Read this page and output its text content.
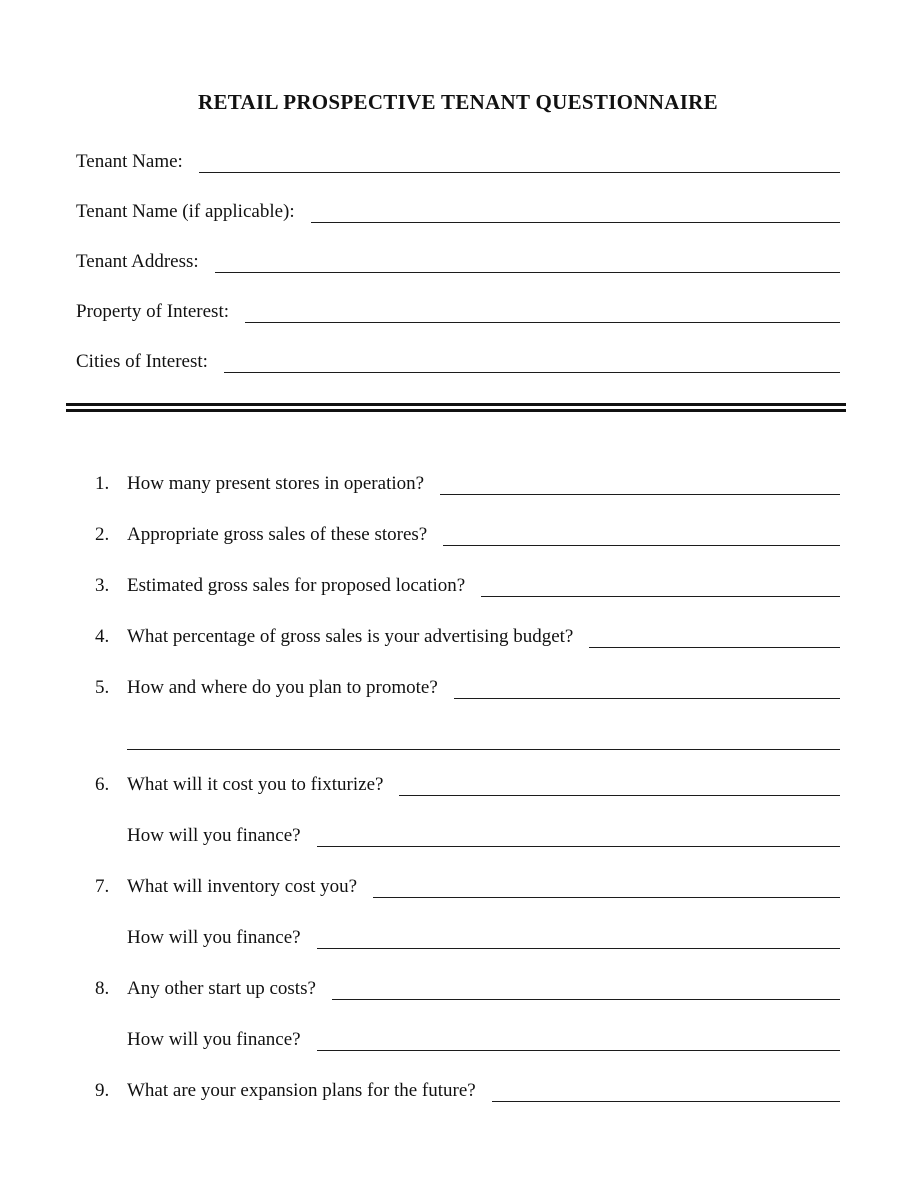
RETAIL PROSPECTIVE TENANT QUESTIONNAIRE
Tenant Name:
Tenant Name (if applicable):
Tenant Address:
Property of Interest:
Cities of Interest:
1. How many present stores in operation?
2. Appropriate gross sales of these stores?
3. Estimated gross sales for proposed location?
4. What percentage of gross sales is your advertising budget?
5. How and where do you plan to promote?
6. What will it cost you to fixturize?
How will you finance?
7. What will inventory cost you?
How will you finance?
8. Any other start up costs?
How will you finance?
9. What are your expansion plans for the future?
